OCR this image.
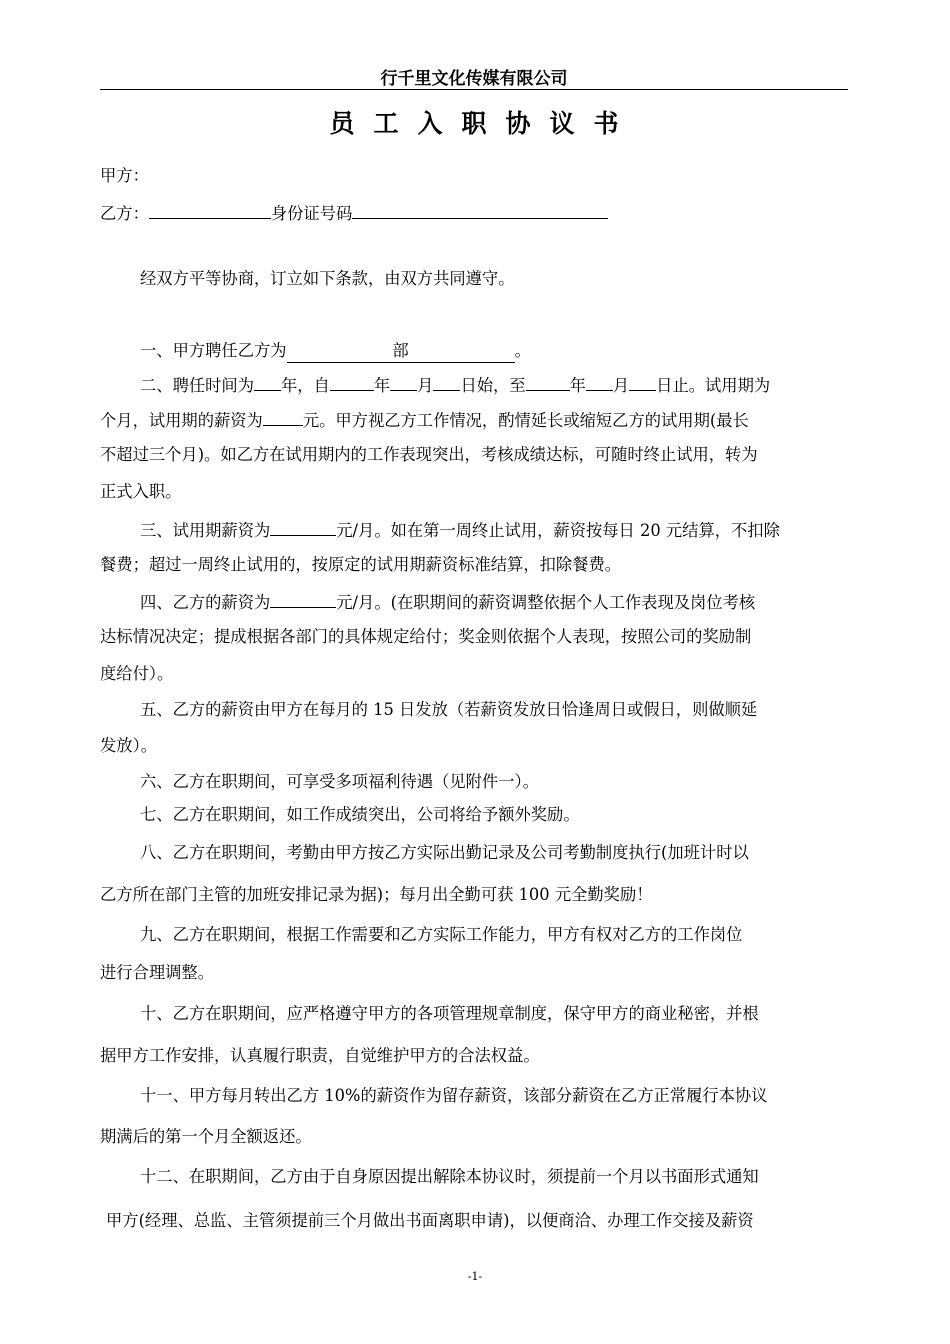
行千里文化传媒有限公司
员工入职协议书
甲方：
乙方：	身份证号码
经双方平等协商，订立如下条款，由双方共同遵守。
一、甲方聘任乙方为	部	。
二、聘任时间为 年，自	年 月 日始，至	年 月 日止。试用期为
个月，试用期的薪资为 元。甲方视乙方工作情况，酌情延长或缩短乙方的试用期(最长
不超过三个月)。如乙方在试用期内的工作表现突出，考核成绩达标，可随时终止试用，转为
正式入职。
三、试用期薪资为	元/月。如在第一周终止试用，薪资按每日 20 元结算，不扣除
餐费；超过一周终止试用的，按原定的试用期薪资标准结算，扣除餐费。
四、乙方的薪资为	元/月。(在职期间的薪资调整依据个人工作表现及岗位考核
达标情况决定；提成根据各部门的具体规定给付；奖金则依据个人表现，按照公司的奖励制
度给付）。
五、乙方的薪资由甲方在每月的 15 日发放（若薪资发放日恰逢周日或假日，则做顺延
发放）。
六、乙方在职期间，可享受多项福利待遇（见附件一）。
七、乙方在职期间，如工作成绩突出，公司将给予额外奖励。
八、乙方在职期间，考勤由甲方按乙方实际出勤记录及公司考勤制度执行(加班计时以
乙方所在部门主管的加班安排记录为据)；每月出全勤可获 100 元全勤奖励！
九、乙方在职期间，根据工作需要和乙方实际工作能力，甲方有权对乙方的工作岗位
进行合理调整。
十、乙方在职期间，应严格遵守甲方的各项管理规章制度，保守甲方的商业秘密，并根
据甲方工作安排，认真履行职责，自觉维护甲方的合法权益。
十一、甲方每月转出乙方 10%的薪资作为留存薪资，该部分薪资在乙方正常履行本协议
期满后的第一个月全额返还。
十二、在职期间，乙方由于自身原因提出解除本协议时，须提前一个月以书面形式通知
甲方(经理、总监、主管须提前三个月做出书面离职申请)，以便商洽、办理工作交接及薪资
-1-
